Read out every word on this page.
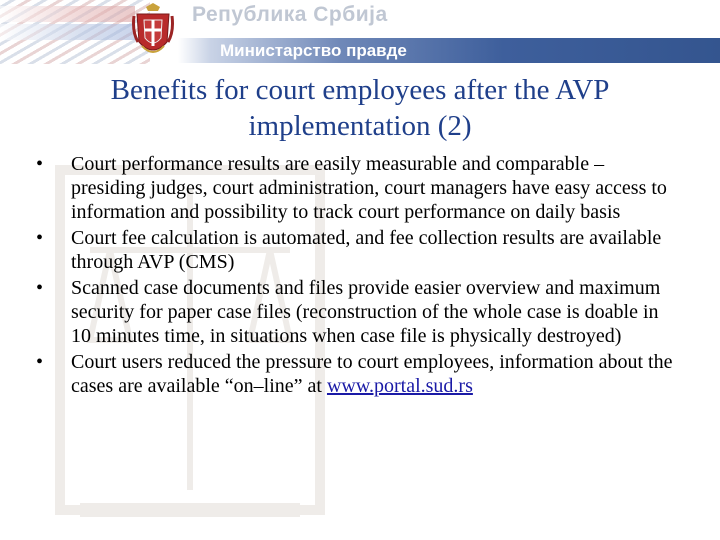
Република Србија
Министарство правде
Benefits for court employees after the AVP
implementation (2)
• Court performance results are easily measurable and comparable – presiding judges, court administration, court managers have easy access to information and possibility to track court performance on daily basis
• Court fee calculation is automated, and fee collection results are available through AVP (CMS)
• Scanned case documents and files provide easier overview and maximum security for paper case files (reconstruction of the whole case is doable in 10 minutes time, in situations when case file is physically destroyed)
• Court users reduced the pressure to court employees, information about the cases are available “on–line” at www.portal.sud.rs
